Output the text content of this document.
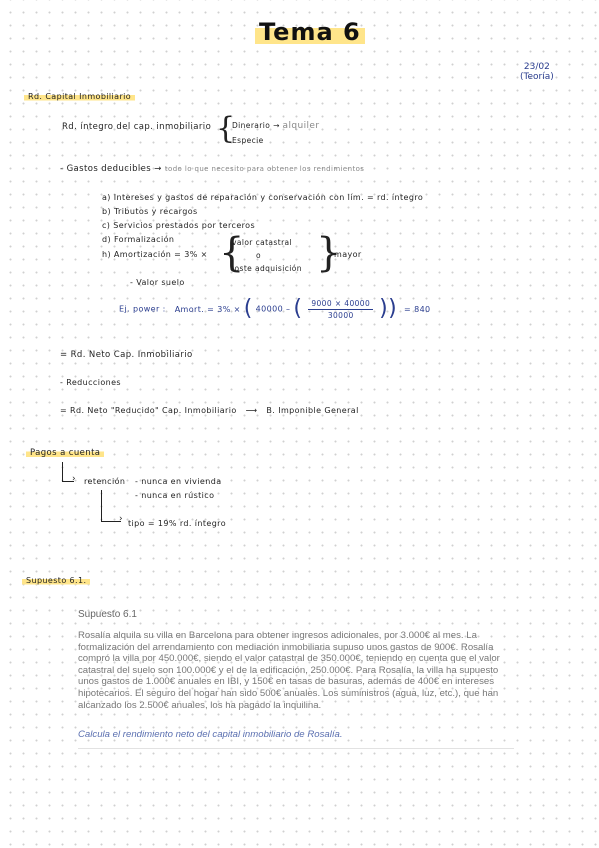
Tema 6
23/02
(Teoría)
Rd. Capital Inmobiliario
Rd. íntegro del cap. inmobiliario {
Dinerario → alquiler
Especie
- Gastos deducibles → todo lo que necesito para obtener los rendimientos
a) Intereses y gastos de reparación y conservación con lím. = rd. íntegro
b) Tributos y recargos
c) Servicios prestados por terceros
d) Formalización
h) Amortización = 3% × {
valor catastral
o
coste adquisición }
mayor
- Valor suelo
Ej. power : Amort. = 3% × ( 40000 – ( $\frac{9000 \times 40000}{30000}$ )) = 840
= Rd. Neto Cap. Inmobiliario
- Reducciones
= Rd. Neto "Reducido" Cap. Inmobiliario ⟶ B. Imponible General
Pagos a cuenta
› retención - nunca en vivienda
- nunca en rústico
› tipo = 19% rd. íntegro
Supuesto 6.1.
Supuesto 6.1
Rosalía alquila su villa en Barcelona para obtener ingresos adicionales, por 3.000€ al mes. La formalización del arrendamiento con mediación inmobiliaria supuso unos gastos de 900€. Rosalía compró la villa por 450.000€, siendo el valor catastral de 350.000€, teniendo en cuenta que el valor catastral del suelo son 100.000€ y el de la edificación, 250.000€. Para Rosalía, la villa ha supuesto unos gastos de 1.000€ anuales en IBI, y 150€ en tasas de basuras, además de 400€ en intereses hipotecarios. El seguro del hogar han sido 500€ anuales. Los suministros (agua, luz, etc.), que han alcanzado los 2.500€ anuales, los ha pagado la inquilina.
Calcula el rendimiento neto del capital inmobiliario de Rosalía.
